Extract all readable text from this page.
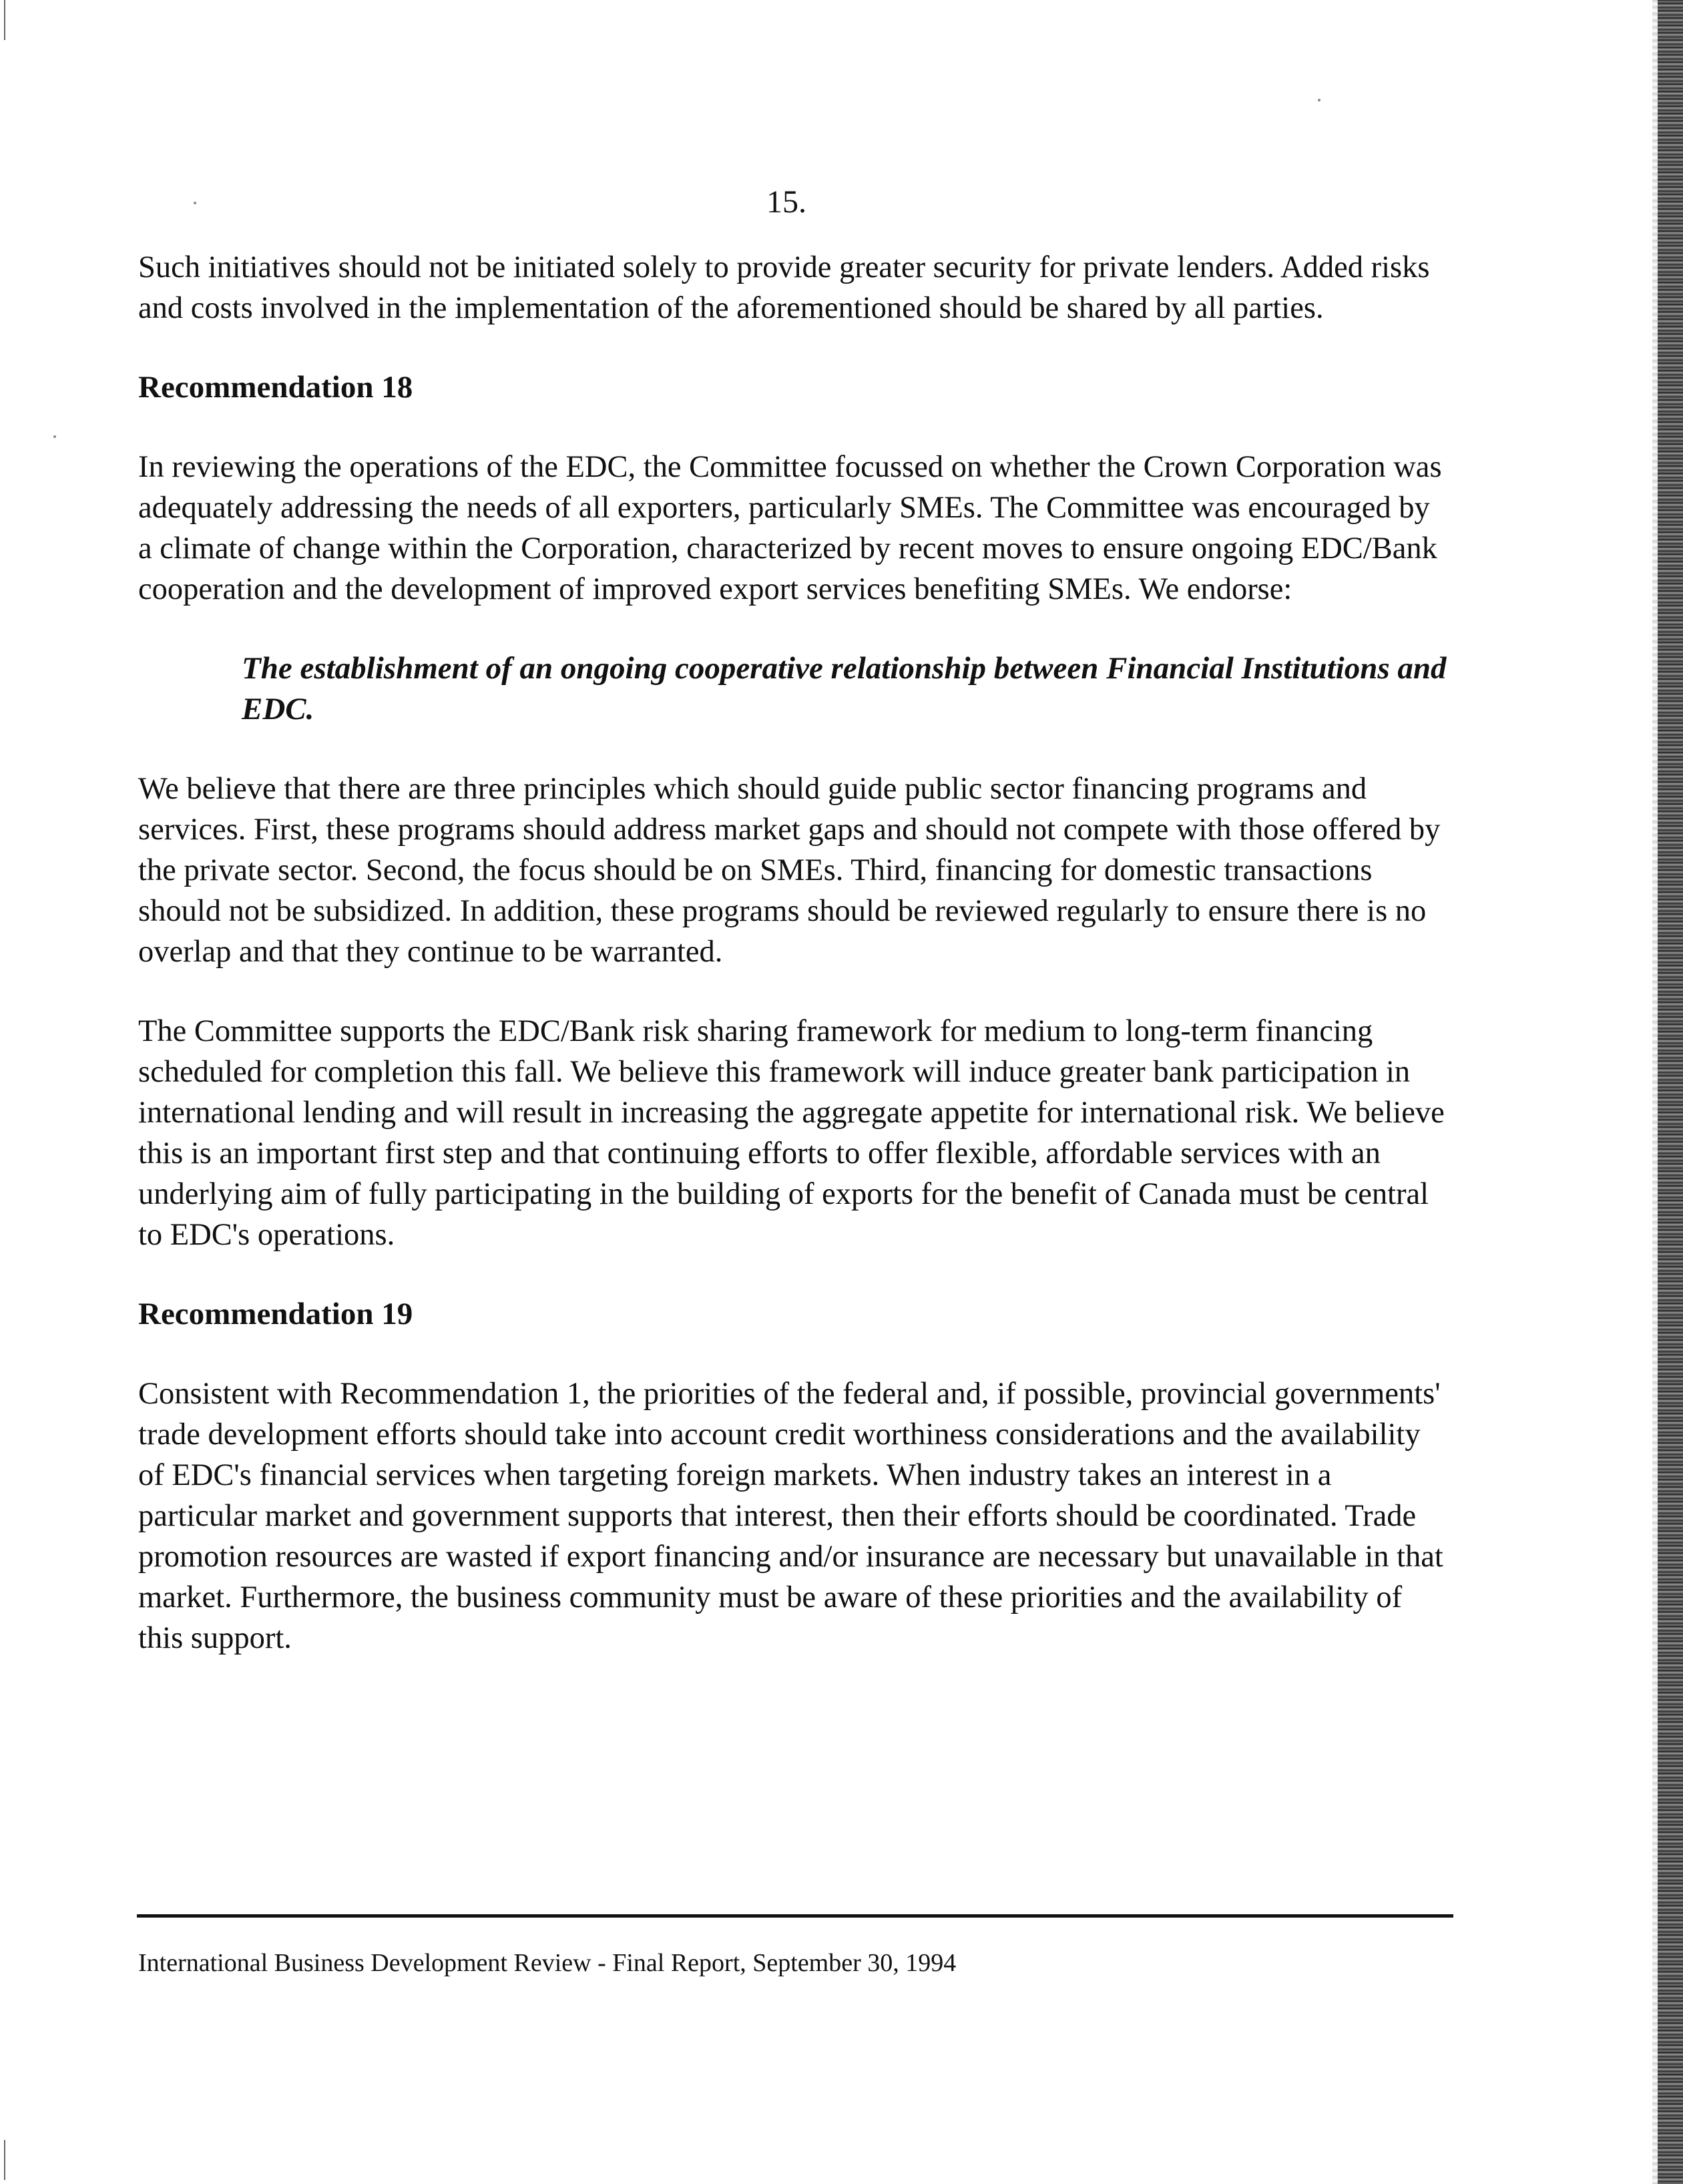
15.

Such initiatives should not be initiated solely to provide greater security for private lenders. Added risks and costs involved in the implementation of the aforementioned should be shared by all parties.

Recommendation 18

In reviewing the operations of the EDC, the Committee focussed on whether the Crown Corporation was adequately addressing the needs of all exporters, particularly SMEs. The Committee was encouraged by a climate of change within the Corporation, characterized by recent moves to ensure ongoing EDC/Bank cooperation and the development of improved export services benefiting SMEs. We endorse:

The establishment of an ongoing cooperative relationship between Financial Institutions and EDC.

We believe that there are three principles which should guide public sector financing programs and services. First, these programs should address market gaps and should not compete with those offered by the private sector. Second, the focus should be on SMEs. Third, financing for domestic transactions should not be subsidized. In addition, these programs should be reviewed regularly to ensure there is no overlap and that they continue to be warranted.

The Committee supports the EDC/Bank risk sharing framework for medium to long-term financing scheduled for completion this fall. We believe this framework will induce greater bank participation in international lending and will result in increasing the aggregate appetite for international risk. We believe this is an important first step and that continuing efforts to offer flexible, affordable services with an underlying aim of fully participating in the building of exports for the benefit of Canada must be central to EDC's operations.

Recommendation 19

Consistent with Recommendation 1, the priorities of the federal and, if possible, provincial governments' trade development efforts should take into account credit worthiness considerations and the availability of EDC's financial services when targeting foreign markets. When industry takes an interest in a particular market and government supports that interest, then their efforts should be coordinated. Trade promotion resources are wasted if export financing and/or insurance are necessary but unavailable in that market. Furthermore, the business community must be aware of these priorities and the availability of this support.

International Business Development Review - Final Report, September 30, 1994
